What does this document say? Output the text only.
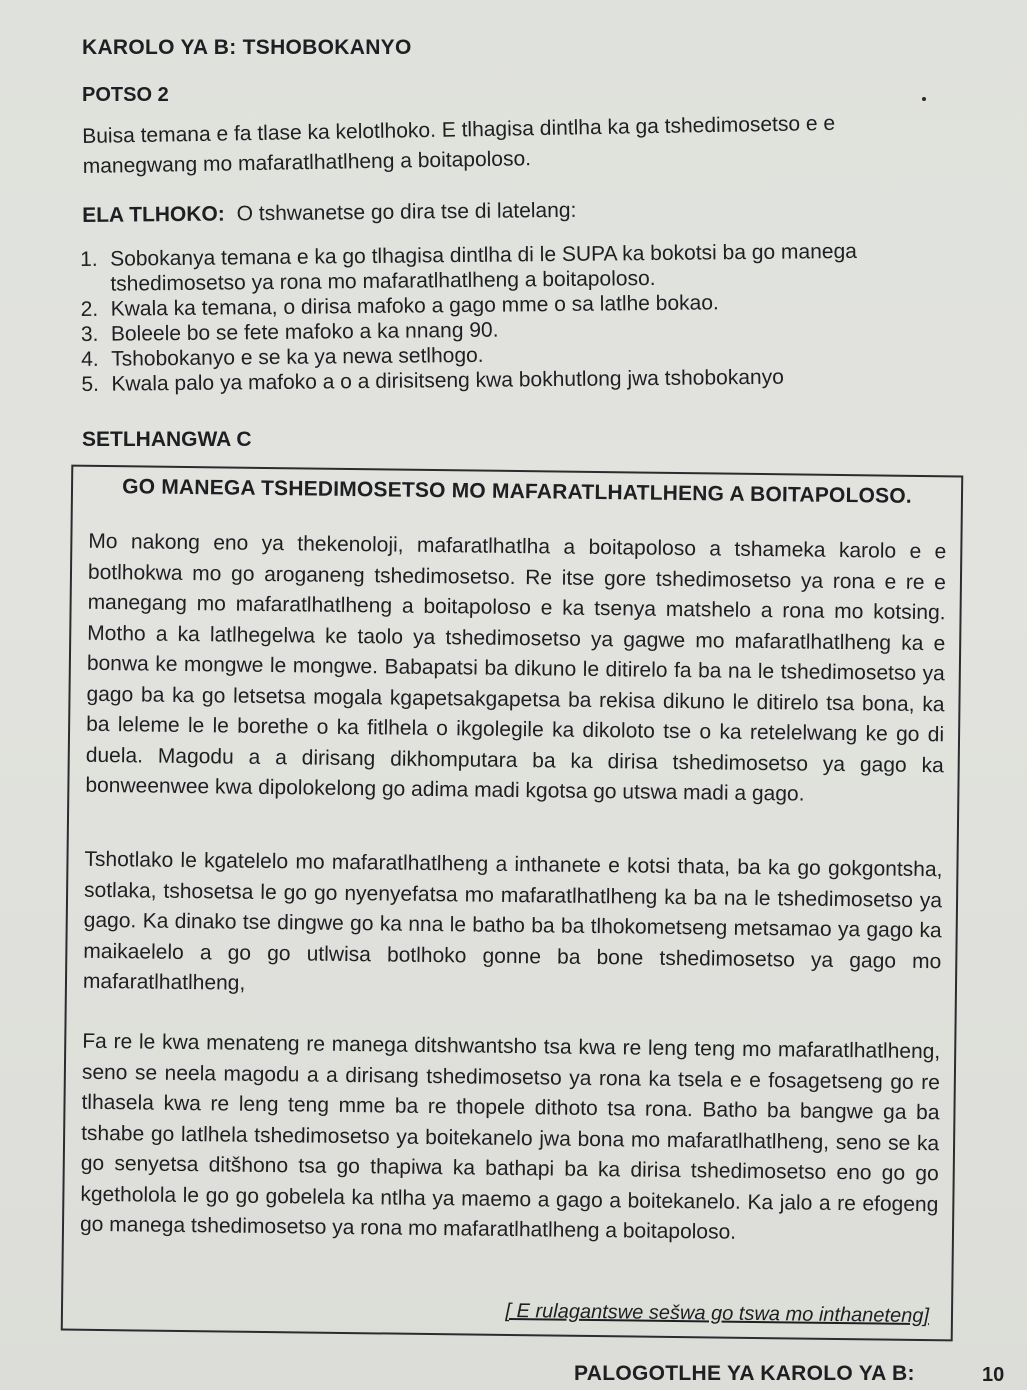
KAROLO YA B: TSHOBOKANYO
POTSO 2
Buisa temana e fa tlase ka kelotlhoko. E tlhagisa dintlha ka ga tshedimosetso e e manegwang mo mafaratlhatlheng a boitapoloso.
ELA TLHOKO: O tshwanetse go dira tse di latelang:
1. Sobokanya temana e ka go tlhagisa dintlha di le SUPA ka bokotsi ba go manega tshedimosetso ya rona mo mafaratlhatlheng a boitapoloso.
2. Kwala ka temana, o dirisa mafoko a gago mme o sa latlhe bokao.
3. Boleele bo se fete mafoko a ka nnang 90.
4. Tshobokanyo e se ka ya newa setlhogo.
5. Kwala palo ya mafoko a o a dirisitseng kwa bokhutlong jwa tshobokanyo
SETLHANGWA C
GO MANEGA TSHEDIMOSETSO MO MAFARATLHATLHENG A BOITAPOLOSO.

Mo nakong eno ya thekenoloji, mafaratlhatlha a boitapoloso a tshameka karolo e e botlhokwa mo go aroganeng tshedimosetso. Re itse gore tshedimosetso ya rona e re e manegang mo mafaratlhatlheng a boitapoloso e ka tsenya matshelo a rona mo kotsing. Motho a ka latlhegelwa ke taolo ya tshedimosetso ya gagwe mo mafaratlhatlheng ka e bonwa ke mongwe le mongwe. Babapatsi ba dikuno le ditirelo fa ba na le tshedimosetso ya gago ba ka go letsetsa mogala kgapetsakgapetsa ba rekisa dikuno le ditirelo tsa bona, ka ba leleme le le borethe o ka fitlhela o ikgolegile ka dikoloto tse o ka retelelwang ke go di duela. Magodu a a dirisang dikhomputara ba ka dirisa tshedimosetso ya gago ka bonweenwee kwa dipolokelong go adima madi kgotsa go utswa madi a gago.

Tshotlako le kgatelelo mo mafaratlhatlheng a inthanete e kotsi thata, ba ka go gokgontsha, sotlaka, tshosetsa le go go nyenyefatsa mo mafaratlhatlheng ka ba na le tshedimosetso ya gago. Ka dinako tse dingwe go ka nna le batho ba ba tlhokometseng metsamao ya gago ka maikaelelo a go go utlwisa botlhoko gonne ba bone tshedimosetso ya gago mo mafaratlhatlheng,

Fa re le kwa menateng re manega ditshwantsho tsa kwa re leng teng mo mafaratlhatlheng, seno se neela magodu a a dirisang tshedimosetso ya rona ka tsela e e fosagetseng go re tlhasela kwa re leng teng mme ba re thopele dithoto tsa rona. Batho ba bangwe ga ba tshabe go latlhela tshedimosetso ya boitekanelo jwa bona mo mafaratlhatlheng, seno se ka go senyetsa ditšhono tsa go thapiwa ka bathapi ba ka dirisa tshedimosetso eno go go kgetholola le go go gobelela ka ntlha ya maemo a gago a boitekanelo. Ka jalo a re efogeng go manega tshedimosetso ya rona mo mafaratlhatlheng a boitapoloso.

[ E rulagantswe sešwa go tswa mo inthaneteng]
PALOGOTLHE YA KAROLO YA B:	10
